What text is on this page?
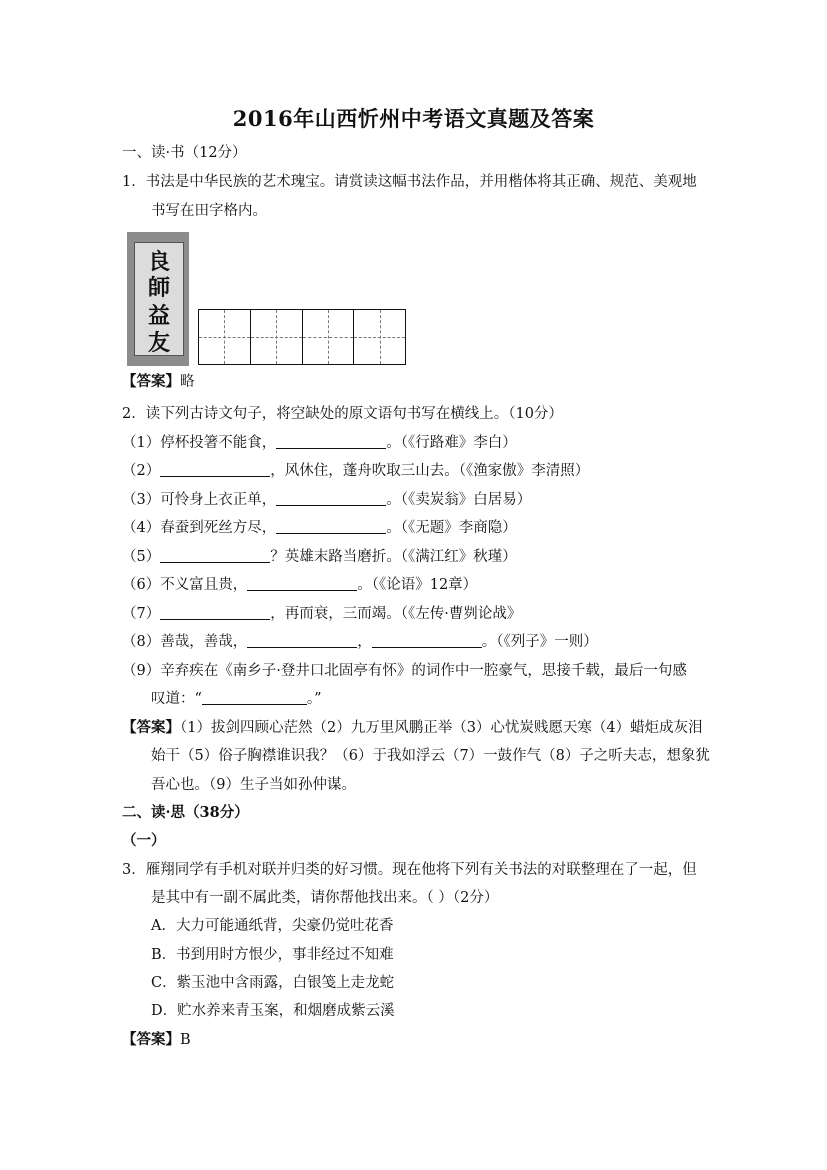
2016年山西忻州中考语文真题及答案
一、读·书（12分）
1．书法是中华民族的艺术瑰宝。请赏读这幅书法作品，并用楷体将其正确、规范、美观地
书写在田字格内。
良
師
益
友
【答案】略
2．读下列古诗文句子，将空缺处的原文语句书写在横线上。（10分）
（1）停杯投箸不能食，	。（《行路难》李白）
（2）	，风休住，蓬舟吹取三山去。（《渔家傲》李清照）
（3）可怜身上衣正单，	。（《卖炭翁》白居易）
（4）春蚕到死丝方尽，	。（《无题》李商隐）
（5）	？英雄末路当磨折。（《满江红》秋瑾）
（6）不义富且贵，	。（《论语》12章）
（7）	，再而衰，三而竭。（《左传·曹刿论战》
（8）善哉，善哉，	，	。（《列子》一则）
（9）辛弃疾在《南乡子·登井口北固亭有怀》的词作中一腔豪气，思接千载，最后一句感
叹道：“	。”
【答案】（1）拔剑四顾心茫然（2）九万里风鹏正举（3）心忧炭贱愿天寒（4）蜡炬成灰泪
始干（5）俗子胸襟谁识我？（6）于我如浮云（7）一鼓作气（8）子之听夫志，想象犹
吾心也。（9）生子当如孙仲谋。
二、读·思（38分）
（一）
3．雁翔同学有手机对联并归类的好习惯。现在他将下列有关书法的对联整理在了一起，但
是其中有一副不属此类，请你帮他找出来。（ ）（2分）
A．大力可能通纸背，尖豪仍觉吐花香
B．书到用时方恨少，事非经过不知难
C．紫玉池中含雨露，白银笺上走龙蛇
D．贮水养来青玉案，和烟磨成紫云溪
【答案】B
